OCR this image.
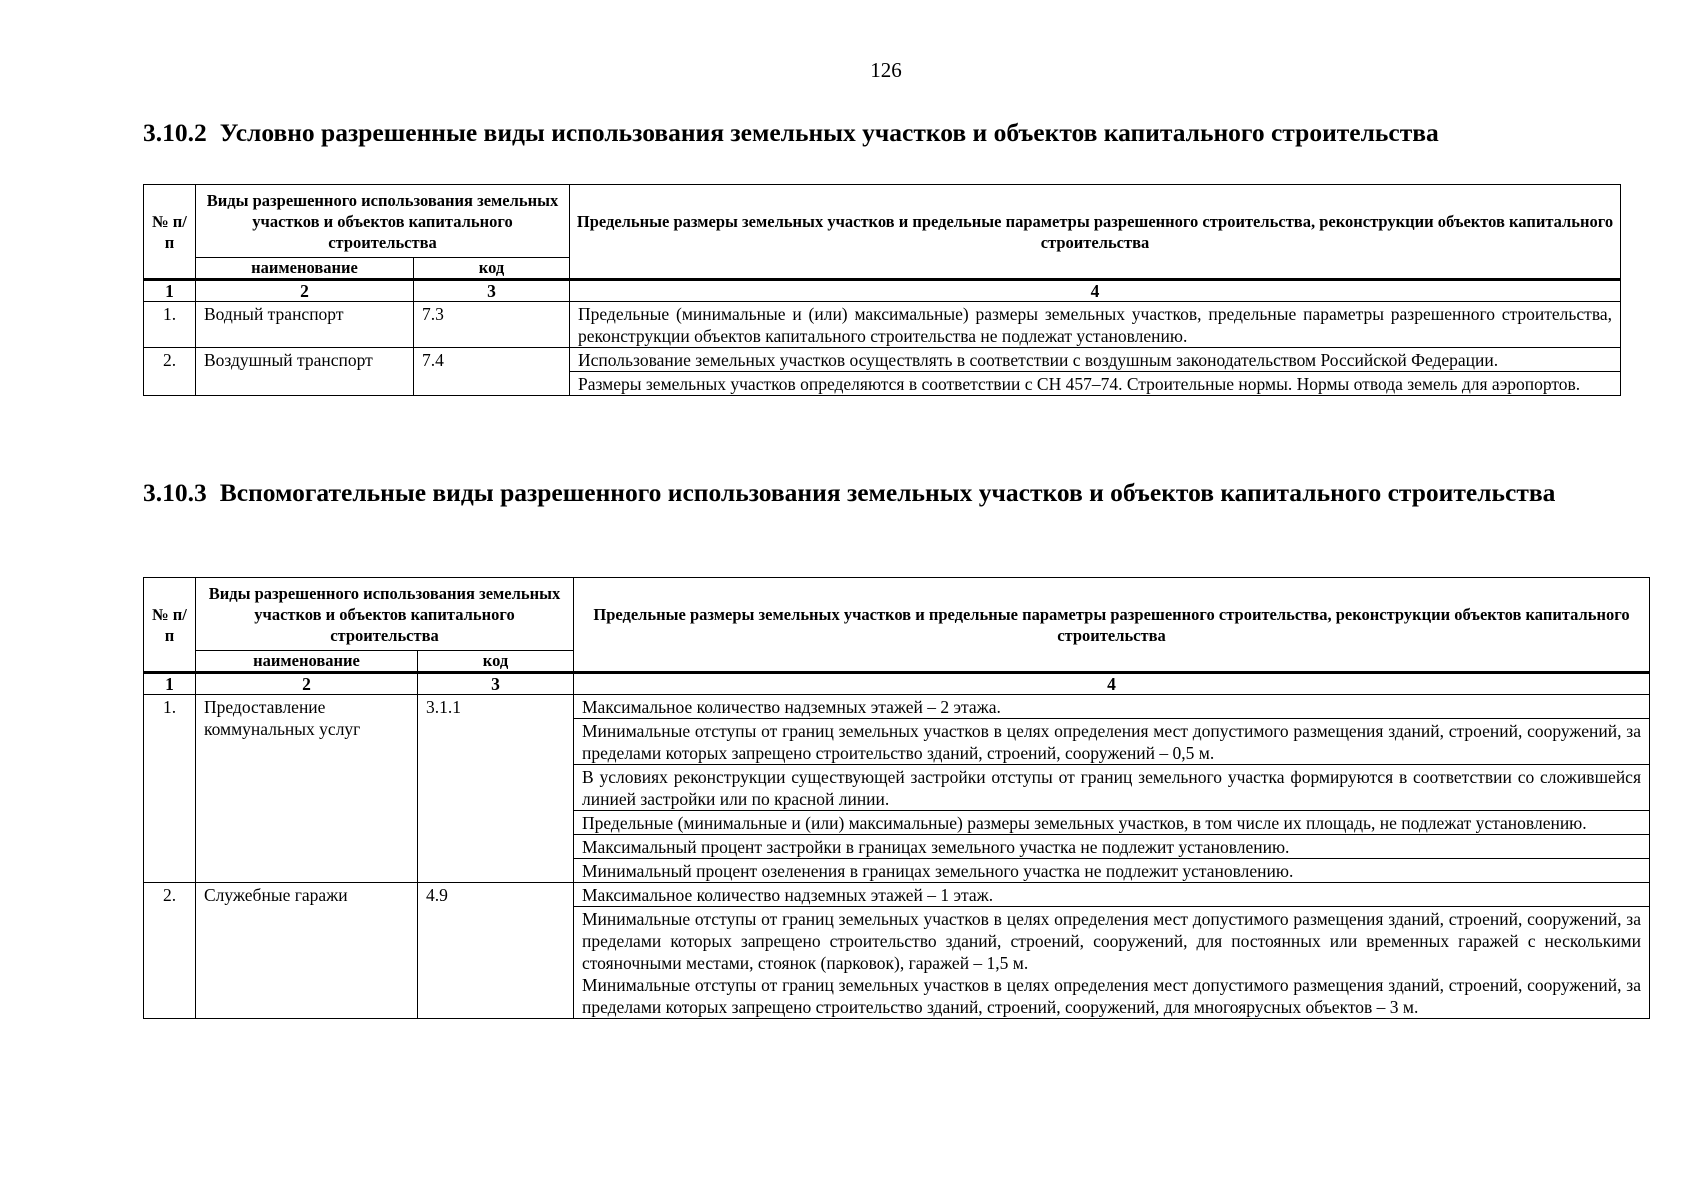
126
3.10.2 Условно разрешенные виды использования земельных участков и объектов капитального строительства
№ п/п	Виды разрешенного использования земельных участков и объектов капитального строительства		Предельные размеры земельных участков и предельные параметры разрешенного строительства, реконструкции объектов капитального строительства
	наименование	код	
1	2	3	4
1.	Водный транспорт	7.3	Предельные (минимальные и (или) максимальные) размеры земельных участков, предельные параметры разрешенного строительства, реконструкции объектов капитального строительства не подлежат установлению.
2.	Воздушный транспорт	7.4	Использование земельных участков осуществлять в соответствии с воздушным законодательством Российской Федерации.
			Размеры земельных участков определяются в соответствии с СН 457–74. Строительные нормы. Нормы отвода земель для аэропортов.
3.10.3 Вспомогательные виды разрешенного использования земельных участков и объектов капитального строительства
№ п/п	Виды разрешенного использования земельных участков и объектов капитального строительства		Предельные размеры земельных участков и предельные параметры разрешенного строительства, реконструкции объектов капитального строительства
	наименование	код	
1	2	3	4
1.	Предоставление коммунальных услуг	3.1.1	Максимальное количество надземных этажей – 2 этажа.
			Минимальные отступы от границ земельных участков в целях определения мест допустимого размещения зданий, строений, сооружений, за пределами которых запрещено строительство зданий, строений, сооружений – 0,5 м.
			В условиях реконструкции существующей застройки отступы от границ земельного участка формируются в соответствии со сложившейся линией застройки или по красной линии.
			Предельные (минимальные и (или) максимальные) размеры земельных участков, в том числе их площадь, не подлежат установлению.
			Максимальный процент застройки в границах земельного участка не подлежит установлению.
			Минимальный процент озеленения в границах земельного участка не подлежит установлению.
2.	Служебные гаражи	4.9	Максимальное количество надземных этажей – 1 этаж.

			Минимальные отступы от границ земельных участков в целях определения мест допустимого размещения зданий, строений, сооружений, за пределами которых запрещено строительство зданий, строений, сооружений, для постоянных или временных гаражей с несколькими стояночными местами, стоянок (парковок), гаражей – 1,5 м.
Минимальные отступы от границ земельных участков в целях определения мест допустимого размещения зданий, строений, сооружений, за пределами которых запрещено строительство зданий, строений, сооружений, для многоярусных объектов – 3 м.
